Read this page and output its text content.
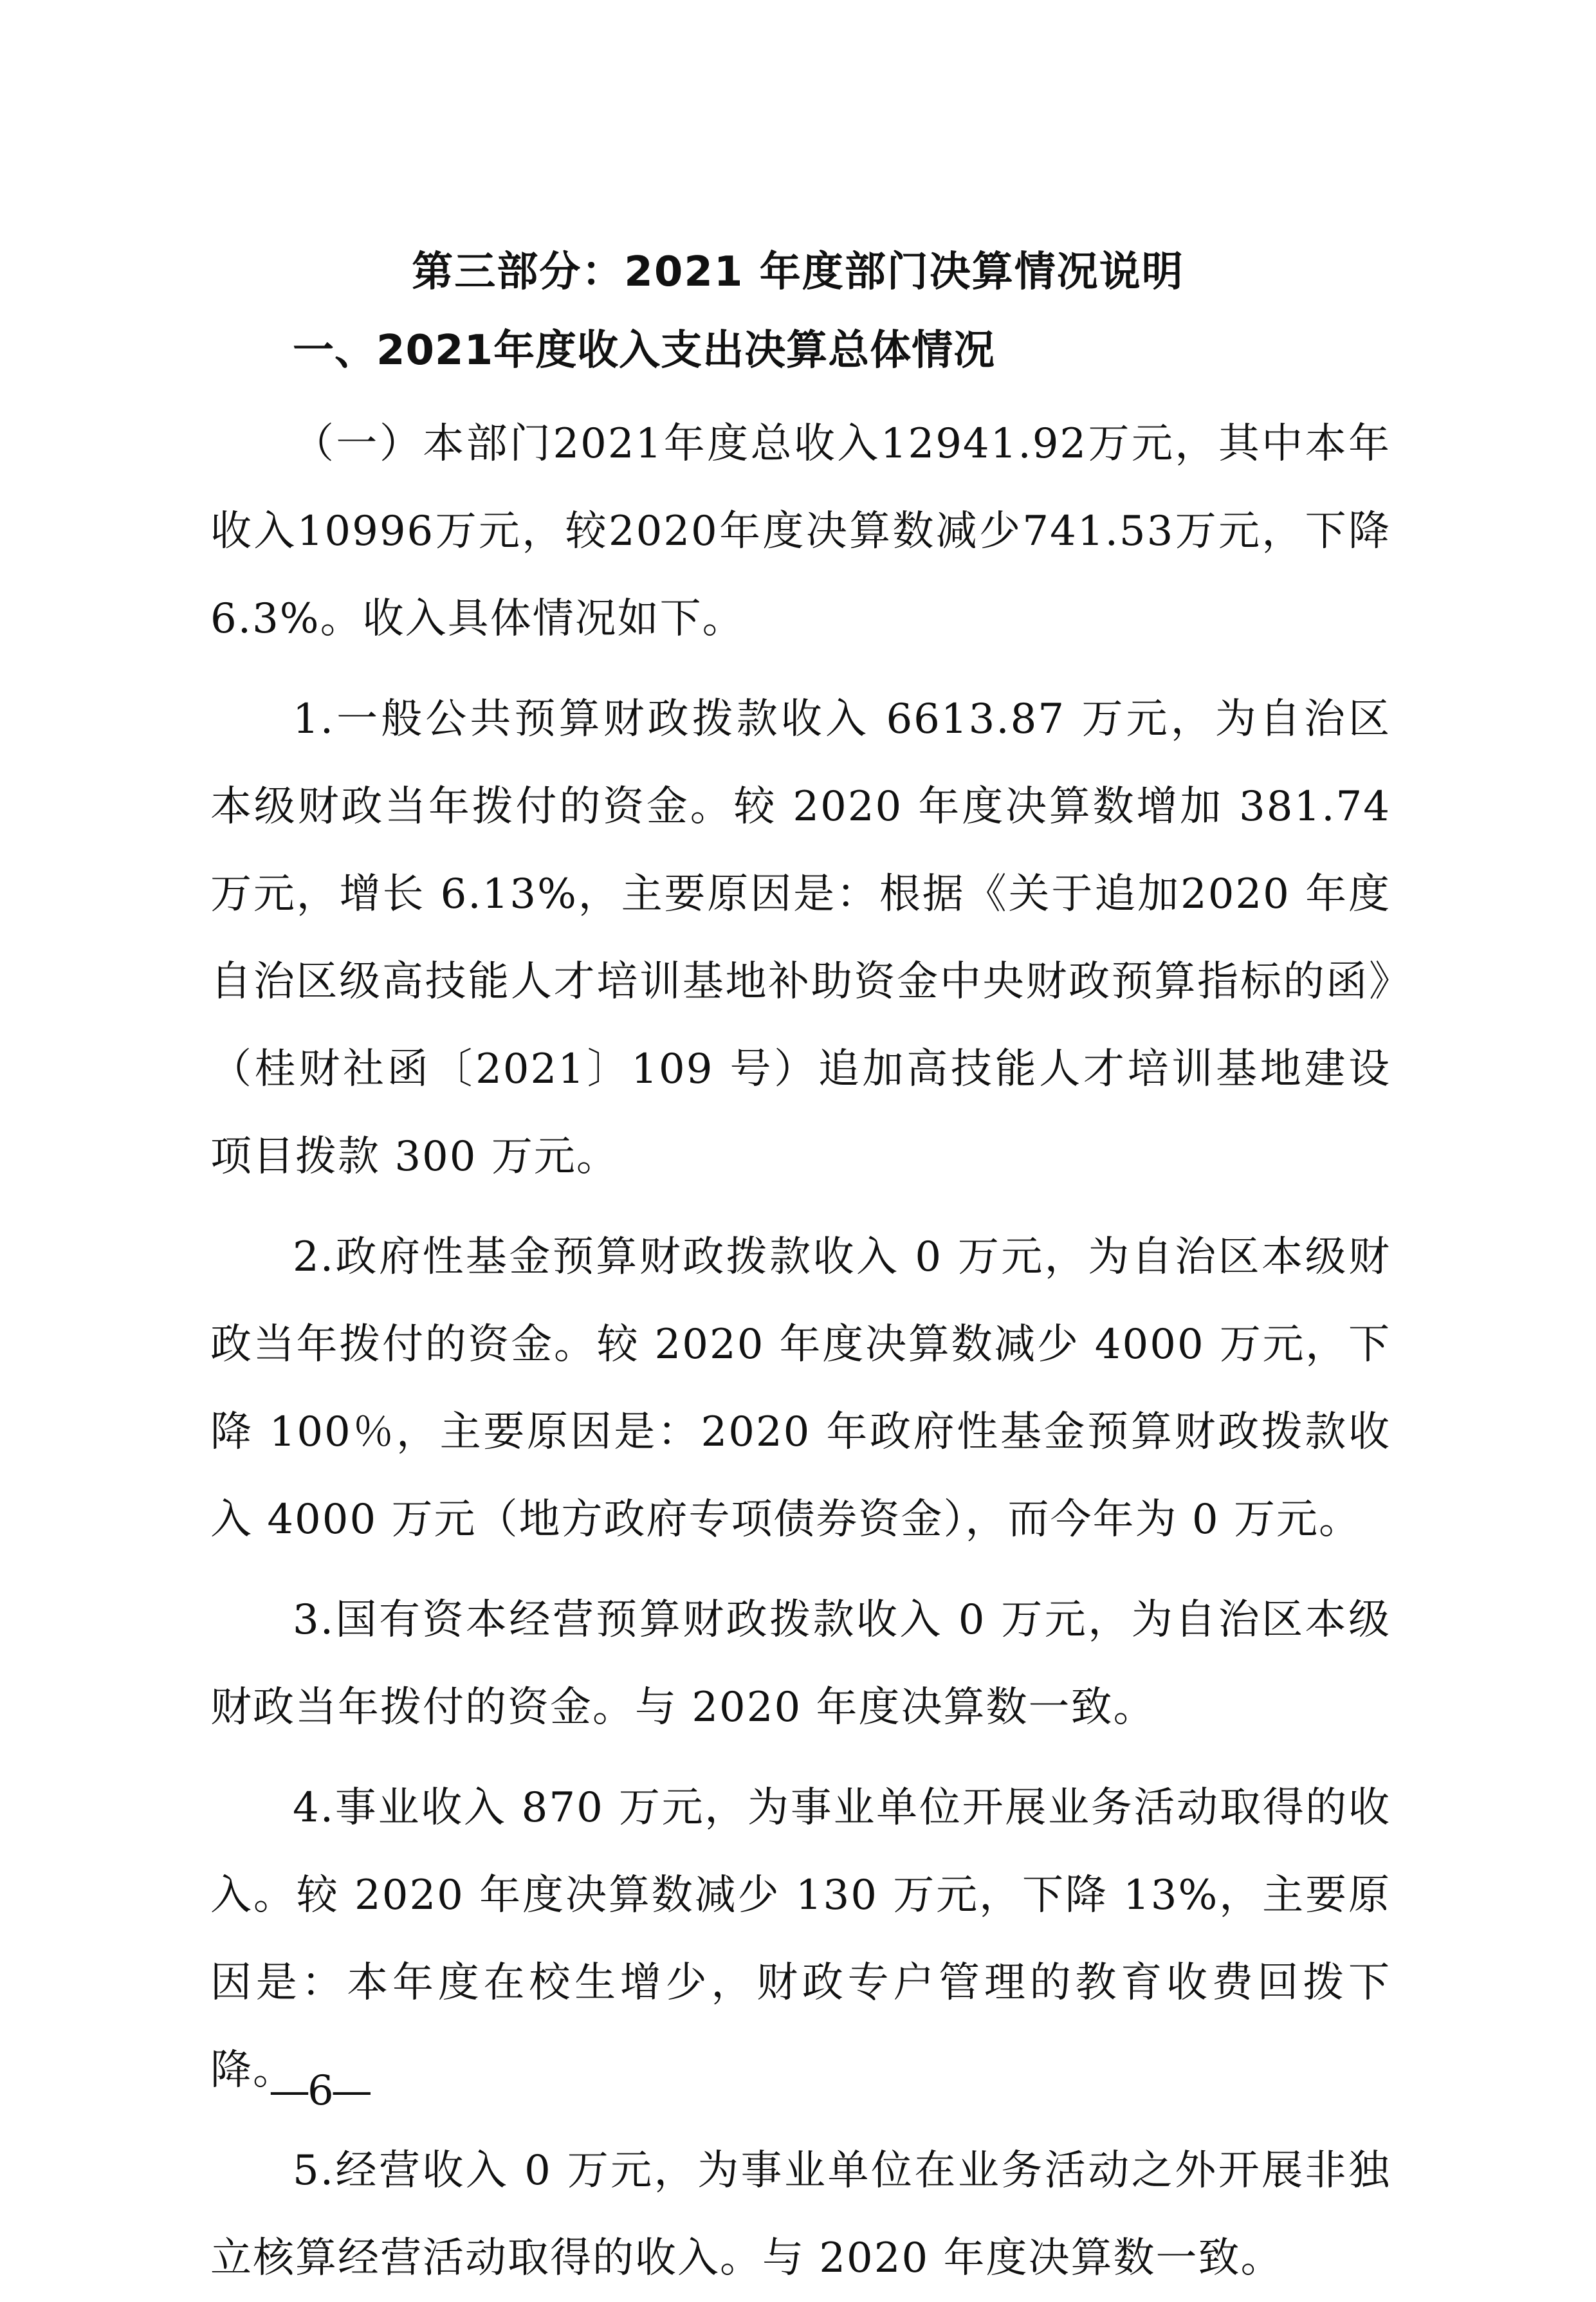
第三部分：2021 年度部门决算情况说明
一、2021年度收入支出决算总体情况

（一）本部门2021年度总收入12941.92万元，其中本年收入10996万元，较2020年度决算数减少741.53万元，下降6.3%。收入具体情况如下。

1.一般公共预算财政拨款收入 6613.87 万元，为自治区本级财政当年拨付的资金。较 2020 年度决算数增加 381.74 万元，增长 6.13%，主要原因是：根据《关于追加2020 年度自治区级高技能人才培训基地补助资金中央财政预算指标的函》（桂财社函〔2021〕109 号）追加高技能人才培训基地建设项目拨款 300 万元。

2.政府性基金预算财政拨款收入 0 万元，为自治区本级财政当年拨付的资金。较 2020 年度决算数减少 4000 万元，下降 100％，主要原因是：2020 年政府性基金预算财政拨款收入 4000 万元（地方政府专项债券资金），而今年为 0 万元。

3.国有资本经营预算财政拨款收入 0 万元，为自治区本级财政当年拨付的资金。与 2020 年度决算数一致。

4.事业收入 870 万元，为事业单位开展业务活动取得的收入。较 2020 年度决算数减少 130 万元，下降 13%，主要原因是：本年度在校生增少，财政专户管理的教育收费回拨下降。

5.经营收入 0 万元，为事业单位在业务活动之外开展非独立核算经营活动取得的收入。与 2020 年度决算数一致。

—6—
